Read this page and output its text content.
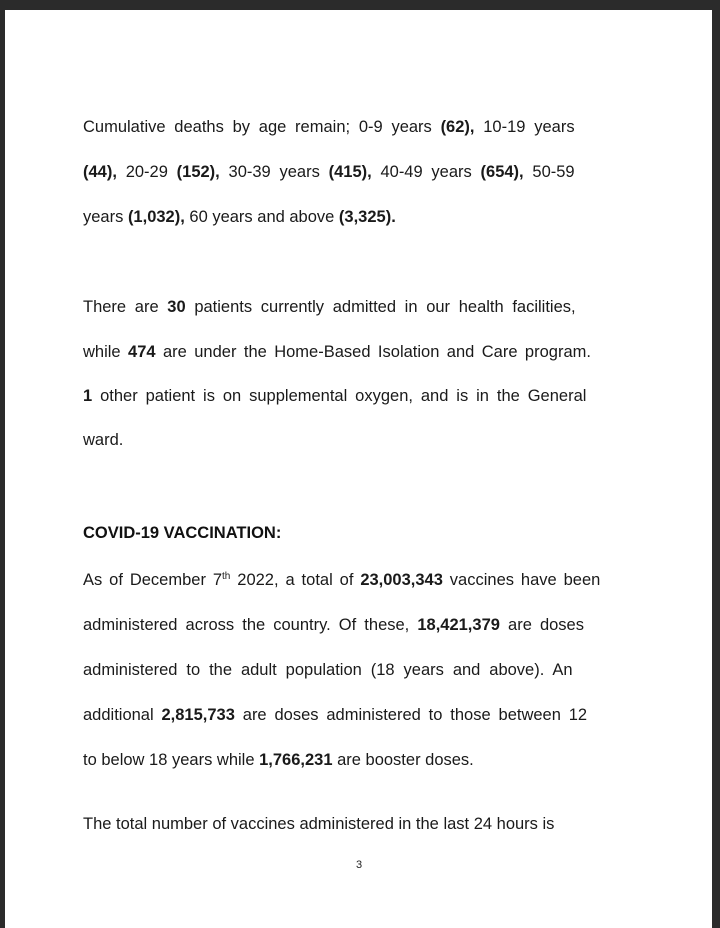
Cumulative deaths by age remain; 0-9 years (62), 10-19 years
(44), 20-29 (152), 30-39 years (415), 40-49 years (654), 50-59
years (1,032), 60 years and above (3,325).
There are 30 patients currently admitted in our health facilities,
while 474 are under the Home-Based Isolation and Care program.
1 other patient is on supplemental oxygen, and is in the General
ward.
COVID-19 VACCINATION:
As of December 7th 2022, a total of 23,003,343 vaccines have been
administered across the country. Of these, 18,421,379 are doses
administered to the adult population (18 years and above). An
additional 2,815,733 are doses administered to those between 12
to below 18 years while 1,766,231 are booster doses.
The total number of vaccines administered in the last 24 hours is
3
